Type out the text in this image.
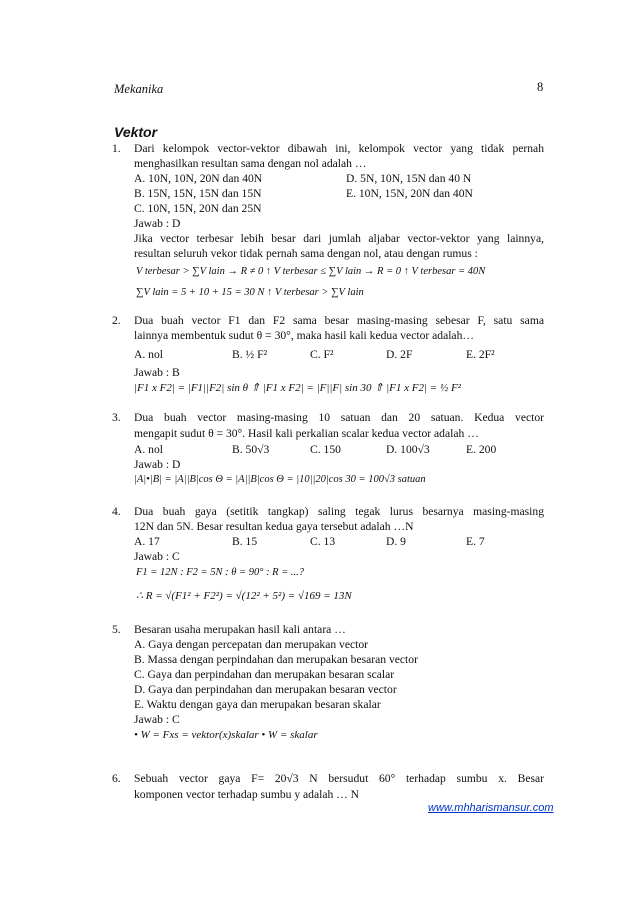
Mekanika	8
Vektor
1. Dari kelompok vector-vektor dibawah ini, kelompok vector yang tidak pernah
menghasilkan resultan sama dengan nol adalah …
A. 10N, 10N, 20N dan 40N	D. 5N, 10N, 15N dan 40 N
B. 15N, 15N, 15N dan 15N	E. 10N, 15N, 20N dan 40N
C. 10N, 15N, 20N dan 25N
Jawab : D
Jika vector terbesar lebih besar dari jumlah aljabar vector-vektor yang lainnya,
resultan seluruh vekor tidak pernah sama dengan nol, atau dengan rumus :
V terbesar > ∑V lain → R ≠ 0 ↑ V terbesar ≤ ∑V lain → R = 0 ↑ V terbesar = 40N
∑V lain = 5 + 10 + 15 = 30 N ↑ V terbesar > ∑V lain
2. Dua buah vector F1 dan F2 sama besar masing-masing sebesar F, satu sama
lainnya membentuk sudut θ = 30°, maka hasil kali kedua vector adalah…
A. nol	B. ½ F²	C. F²	D. 2F	E. 2F²
Jawab : B
|F1 x F2| = |F1||F2| sin θ ⇑ |F1 x F2| = |F||F| sin 30 ⇑ |F1 x F2| = ½ F²
3. Dua buah vector masing-masing 10 satuan dan 20 satuan. Kedua vector
mengapit sudut θ = 30°. Hasil kali perkalian scalar kedua vector adalah …
A. nol	B. 50√3	C. 150	D. 100√3	E. 200
Jawab : D
|A|•|B| = |A||B|cos Θ = |A||B|cos Θ = |10||20|cos 30 = 100√3 satuan
4. Dua buah gaya (setitik tangkap) saling tegak lurus besarnya masing-masing
12N dan 5N. Besar resultan kedua gaya tersebut adalah …N
A. 17	B. 15	C. 13	D. 9	E. 7
Jawab : C
F1 = 12N : F2 = 5N : θ = 90° : R = ...?
∴ R = √(F1² + F2²) = √(12² + 5²) = √169 = 13N
5. Besaran usaha merupakan hasil kali antara …
A. Gaya dengan percepatan dan merupakan vector
B. Massa dengan perpindahan dan merupakan besaran vector
C. Gaya dan perpindahan dan merupakan besaran scalar
D. Gaya dan perpindahan dan merupakan besaran vector
E. Waktu dengan gaya dan merupakan besaran skalar
Jawab : C
• W = Fxs = vektor(x)skalar • W = skalar
6. Sebuah vector gaya F= 20√3 N bersudut 60° terhadap sumbu x. Besar
komponen vector terhadap sumbu y adalah … N
www.mhharismansur.com
